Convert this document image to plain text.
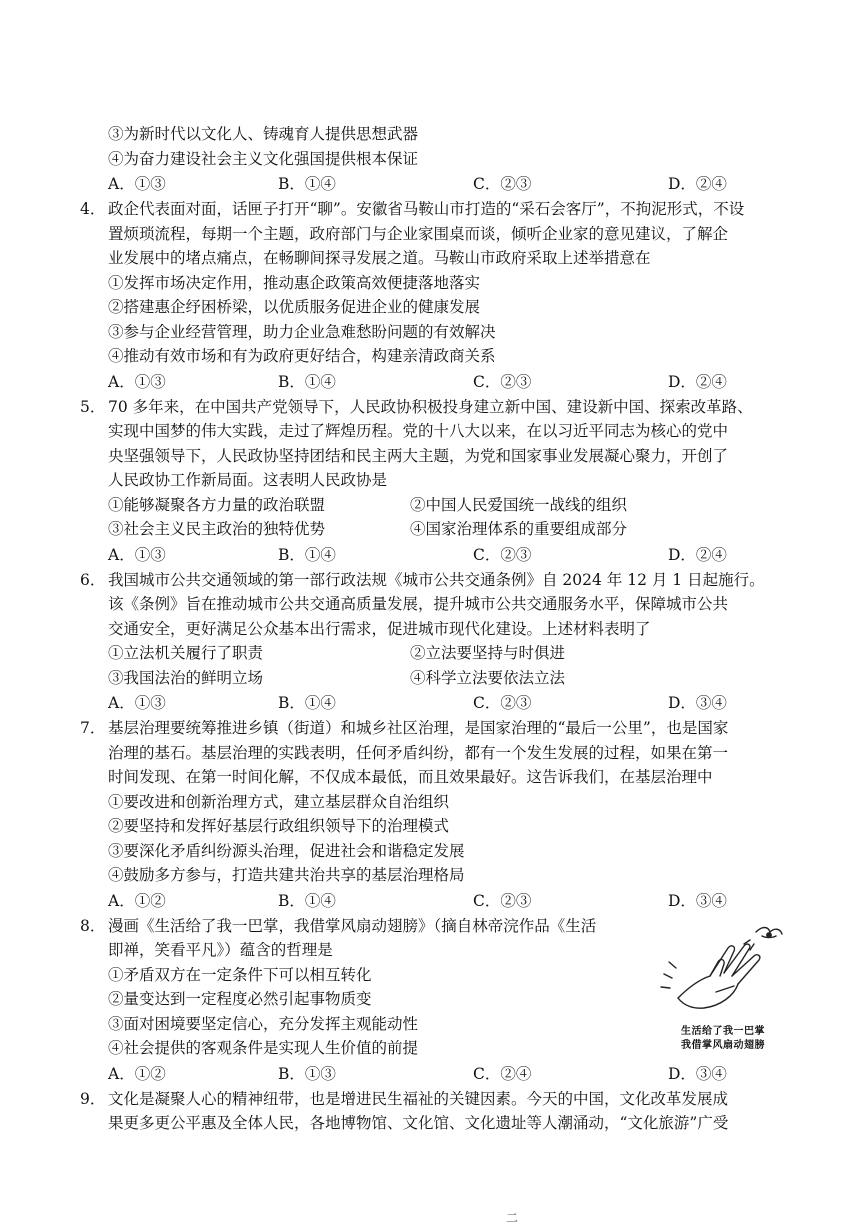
③为新时代以文化人、铸魂育人提供思想武器
④为奋力建设社会主义文化强国提供根本保证
A．①③	B．①④	C．②③	D．②④
4． 政企代表面对面，话匣子打开“聊”。安徽省马鞍山市打造的“采石会客厅”，不拘泥形式，不设
置烦琐流程，每期一个主题，政府部门与企业家围桌而谈，倾听企业家的意见建议，了解企
业发展中的堵点痛点，在畅聊间探寻发展之道。马鞍山市政府采取上述举措意在
①发挥市场决定作用，推动惠企政策高效便捷落地落实
②搭建惠企纾困桥梁，以优质服务促进企业的健康发展
③参与企业经营管理，助力企业急难愁盼问题的有效解决
④推动有效市场和有为政府更好结合，构建亲清政商关系
A．①③	B．①④	C．②③	D．②④
5． 70 多年来，在中国共产党领导下，人民政协积极投身建立新中国、建设新中国、探索改革路、
实现中国梦的伟大实践，走过了辉煌历程。党的十八大以来，在以习近平同志为核心的党中
央坚强领导下，人民政协坚持团结和民主两大主题，为党和国家事业发展凝心聚力，开创了
人民政协工作新局面。这表明人民政协是
①能够凝聚各方力量的政治联盟	②中国人民爱国统一战线的组织
③社会主义民主政治的独特优势	④国家治理体系的重要组成部分
A．①③	B．①④	C．②③	D．②④
6． 我国城市公共交通领域的第一部行政法规《城市公共交通条例》自 2024 年 12 月 1 日起施行。
该《条例》旨在推动城市公共交通高质量发展，提升城市公共交通服务水平，保障城市公共
交通安全，更好满足公众基本出行需求，促进城市现代化建设。上述材料表明了
①立法机关履行了职责	②立法要坚持与时俱进
③我国法治的鲜明立场	④科学立法要依法立法
A．①③	B．①④	C．②③	D．③④
7． 基层治理要统筹推进乡镇（街道）和城乡社区治理，是国家治理的“最后一公里”，也是国家
治理的基石。基层治理的实践表明，任何矛盾纠纷，都有一个发生发展的过程，如果在第一
时间发现、在第一时间化解，不仅成本最低，而且效果最好。这告诉我们，在基层治理中
①要改进和创新治理方式，建立基层群众自治组织
②要坚持和发挥好基层行政组织领导下的治理模式
③要深化矛盾纠纷源头治理，促进社会和谐稳定发展
④鼓励多方参与，打造共建共治共享的基层治理格局
A．①②	B．①④	C．②③	D．③④
8． 漫画《生活给了我一巴掌，我借掌风扇动翅膀》（摘自林帝浣作品《生活
即禅，笑看平凡》）蕴含的哲理是
①矛盾双方在一定条件下可以相互转化
②量变达到一定程度必然引起事物质变
③面对困境要坚定信心，充分发挥主观能动性
④社会提供的客观条件是实现人生价值的前提
A．①②	B．①③	C．②④	D．③④
生活给了我一巴掌
我借掌风扇动翅膀
9． 文化是凝聚人心的精神纽带，也是增进民生福祉的关键因素。今天的中国，文化改革发展成
果更多更公平惠及全体人民，各地博物馆、文化馆、文化遗址等人潮涌动，“文化旅游”广受
二
